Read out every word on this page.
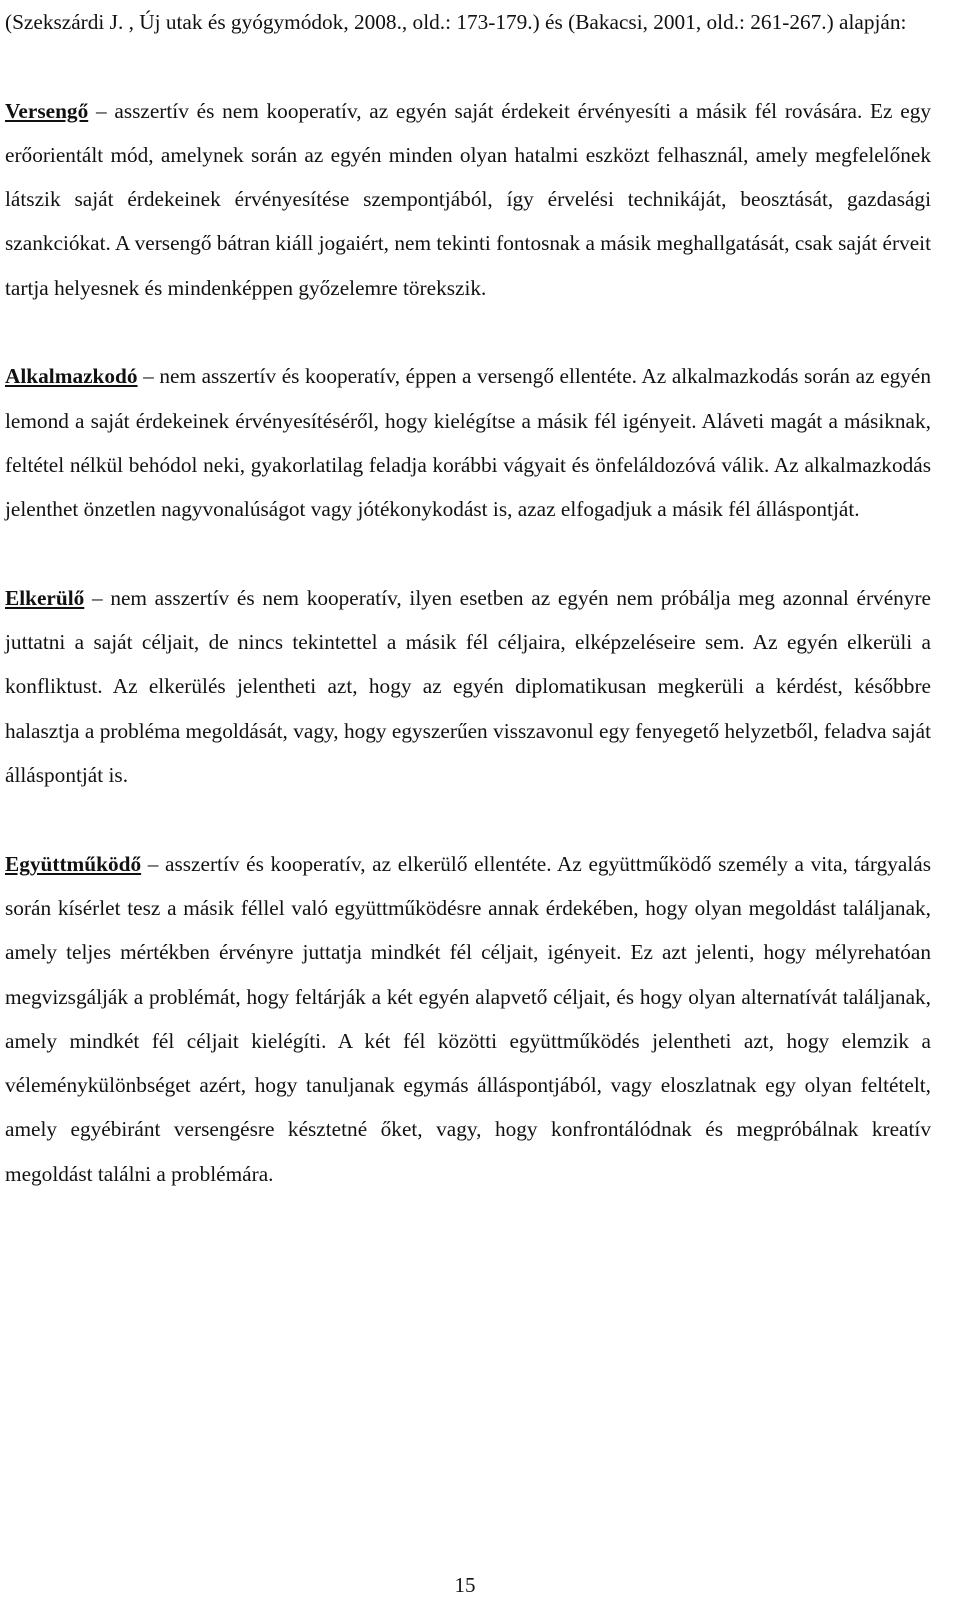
(Szekszárdi J. , Új utak és gyógymódok, 2008., old.: 173-179.) és (Bakacsi, 2001, old.: 261-267.) alapján:

Versengő – asszertív és nem kooperatív, az egyén saját érdekeit érvényesíti a másik fél rovására. Ez egy erőorientált mód, amelynek során az egyén minden olyan hatalmi eszközt felhasznál, amely megfelelőnek látszik saját érdekeinek érvényesítése szempontjából, így érvelési technikáját, beosztását, gazdasági szankciókat. A versengő bátran kiáll jogaiért, nem tekinti fontosnak a másik meghallgatását, csak saját érveit tartja helyesnek és mindenképpen győzelemre törekszik.

Alkalmazkodó – nem asszertív és kooperatív, éppen a versengő ellentéte. Az alkalmazkodás során az egyén lemond a saját érdekeinek érvényesítéséről, hogy kielégítse a másik fél igényeit. Aláveti magát a másiknak, feltétel nélkül behódol neki, gyakorlatilag feladja korábbi vágyait és önfeláldozóvá válik. Az alkalmazkodás jelenthet önzetlen nagyvonalúságot vagy jótékonykodást is, azaz elfogadjuk a másik fél álláspontját.

Elkerülő – nem asszertív és nem kooperatív, ilyen esetben az egyén nem próbálja meg azonnal érvényre juttatni a saját céljait, de nincs tekintettel a másik fél céljaira, elképzeléseire sem. Az egyén elkerüli a konfliktust. Az elkerülés jelentheti azt, hogy az egyén diplomatikusan megkerüli a kérdést, későbbre halasztja a probléma megoldását, vagy, hogy egyszerűen visszavonul egy fenyegető helyzetből, feladva saját álláspontját is.

Együttműködő – asszertív és kooperatív, az elkerülő ellentéte. Az együttműködő személy a vita, tárgyalás során kísérlet tesz a másik féllel való együttműködésre annak érdekében, hogy olyan megoldást találjanak, amely teljes mértékben érvényre juttatja mindkét fél céljait, igényeit. Ez azt jelenti, hogy mélyrehatóan megvizsgálják a problémát, hogy feltárják a két egyén alapvető céljait, és hogy olyan alternatívát találjanak, amely mindkét fél céljait kielégíti. A két fél közötti együttműködés jelentheti azt, hogy elemzik a véleménykülönbséget azért, hogy tanuljanak egymás álláspontjából, vagy eloszlatnak egy olyan feltételt, amely egyébiránt versengésre késztetné őket, vagy, hogy konfrontálódnak és megpróbálnak kreatív megoldást találni a problémára.

15
